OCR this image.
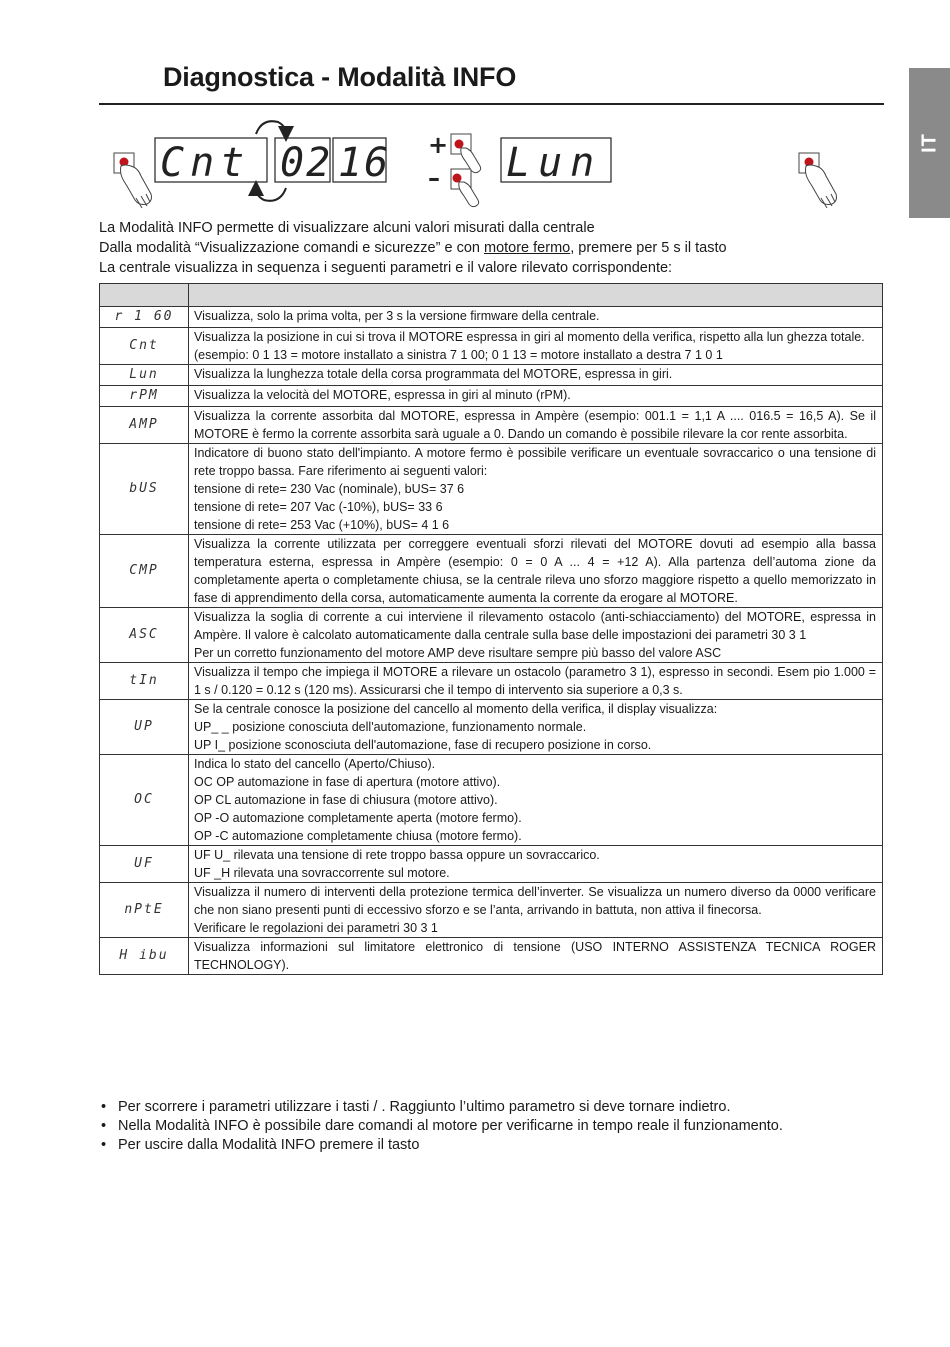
Diagnostica - Modalità INFO
IT
Cnt 02 16 +
– Lun

La Modalità INFO permette di visualizzare alcuni valori misurati dalla centrale

Dalla modalità “Visualizzazione comandi e sicurezze” e con motore fermo, premere per 5 s il tasto

La centrale visualizza in sequenza i seguenti parametri e il valore rilevato corrispondente:

r 1 60	Visualizza, solo la prima volta, per 3 s la versione firmware della centrale.

Cnt	Visualizza la posizione in cui si trova il MOTORE espressa in giri al momento della verifica, rispetto alla lun ghezza totale.
(esempio: 0 1 13 = motore installato a sinistra 7 1 00; 0 1 13 = motore installato a destra 7 1 0 1

Lun	Visualizza la lunghezza totale della corsa programmata del MOTORE, espressa in giri.

rPM	Visualizza la velocità del MOTORE, espressa in giri al minuto (rPM).

AMP	Visualizza la corrente assorbita dal MOTORE, espressa in Ampère (esempio: 001.1 = 1,1 A .... 016.5 = 16,5 A). Se il MOTORE è fermo la corrente assorbita sarà uguale a 0. Dando un comando è possibile rilevare la cor rente assorbita.

bUS	Indicatore di buono stato dell'impianto. A motore fermo è possibile verificare un eventuale sovraccarico o una tensione di rete troppo bassa. Fare riferimento ai seguenti valori:
tensione di rete= 230 Vac (nominale), bUS= 37 6
tensione di rete= 207 Vac (-10%), bUS= 33 6
tensione di rete= 253 Vac (+10%), bUS= 4 1 6

CMP	Visualizza la corrente utilizzata per correggere eventuali sforzi rilevati del MOTORE dovuti ad esempio alla bassa temperatura esterna, espressa in Ampère (esempio: 0 = 0 A ... 4 = +12 A). Alla partenza dell’automa zione da completamente aperta o completamente chiusa, se la centrale rileva uno sforzo maggiore rispetto a quello memorizzato in fase di apprendimento della corsa, automaticamente aumenta la corrente da erogare al MOTORE.

ASC	Visualizza la soglia di corrente a cui interviene il rilevamento ostacolo (anti-schiacciamento) del MOTORE, espressa in Ampère. Il valore è calcolato automaticamente dalla centrale sulla base delle impostazioni dei parametri 30 3 1
Per un corretto funzionamento del motore AMP deve risultare sempre più basso del valore ASC

tIn	Visualizza il tempo che impiega il MOTORE a rilevare un ostacolo (parametro 3 1), espresso in secondi. Esem pio 1.000 = 1 s / 0.120 = 0.12 s (120 ms). Assicurarsi che il tempo di intervento sia superiore a 0,3 s.

UP	Se la centrale conosce la posizione del cancello al momento della verifica, il display visualizza:
UP_ _ posizione conosciuta dell'automazione, funzionamento normale.
UP I_ posizione sconosciuta dell'automazione, fase di recupero posizione in corso.

OC	Indica lo stato del cancello (Aperto/Chiuso).
OC OP automazione in fase di apertura (motore attivo).
OP CL automazione in fase di chiusura (motore attivo).
OP -O automazione completamente aperta (motore fermo).
OP -C automazione completamente chiusa (motore fermo).

UF	UF U_ rilevata una tensione di rete troppo bassa oppure un sovraccarico.
UF _H rilevata una sovraccorrente sul motore.

nPtE	Visualizza il numero di interventi della protezione termica dell’inverter. Se visualizza un numero diverso da 0000 verificare che non siano presenti punti di eccessivo sforzo e se l’anta, arrivando in battuta, non attiva il finecorsa.
Verificare le regolazioni dei parametri 30 3 1

H ibu	Visualizza informazioni sul limitatore elettronico di tensione (USO INTERNO ASSISTENZA TECNICA ROGER TECHNOLOGY).
• Per scorrere i parametri utilizzare i tasti / . Raggiunto l’ultimo parametro si deve tornare indietro.
• Nella Modalità INFO è possibile dare comandi al motore per verificarne in tempo reale il funzionamento.
• Per uscire dalla Modalità INFO premere il tasto
